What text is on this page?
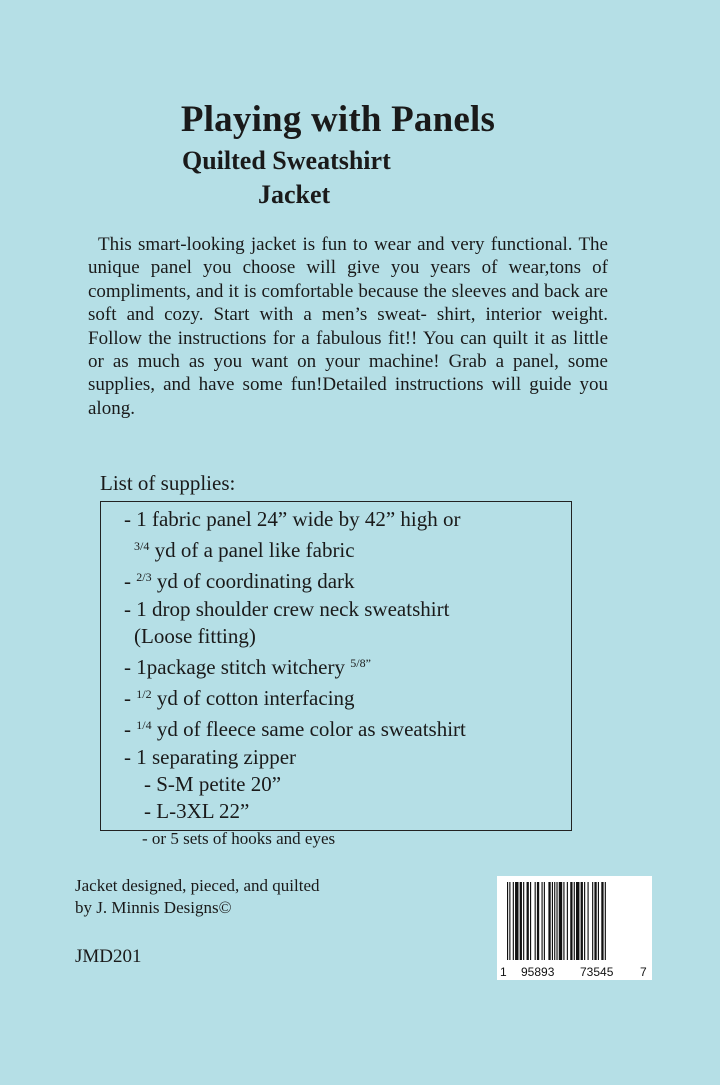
Playing with Panels
Quilted Sweatshirt
Jacket

This smart-looking jacket is fun to wear and very functional. The unique panel you choose will give you years of wear,tons of compliments, and it is comfortable because the sleeves and back are soft and cozy. Start with a men’s sweat- shirt, interior weight. Follow the instructions for a fabulous fit!! You can quilt it as little or as much as you want on your machine! Grab a panel, some supplies, and have some fun!Detailed instructions will guide you along.

List of supplies:

- 1 fabric panel 24” wide by 42” high or
$^{3/4}$ yd of a panel like fabric
- $^{2/3}$ yd of coordinating dark
- 1 drop shoulder crew neck sweatshirt
(Loose fitting)
- 1package stitch witchery $^{5/8”}$
- $^{1/2}$ yd of cotton interfacing
- $^{1/4}$ yd of fleece same color as sweatshirt
- 1 separating zipper
- S-M petite 20”
- L-3XL 22”
- or 5 sets of hooks and eyes

Jacket designed, pieced, and quilted
by J. Minnis Designs©

JMD201

1 95893 73545 7
